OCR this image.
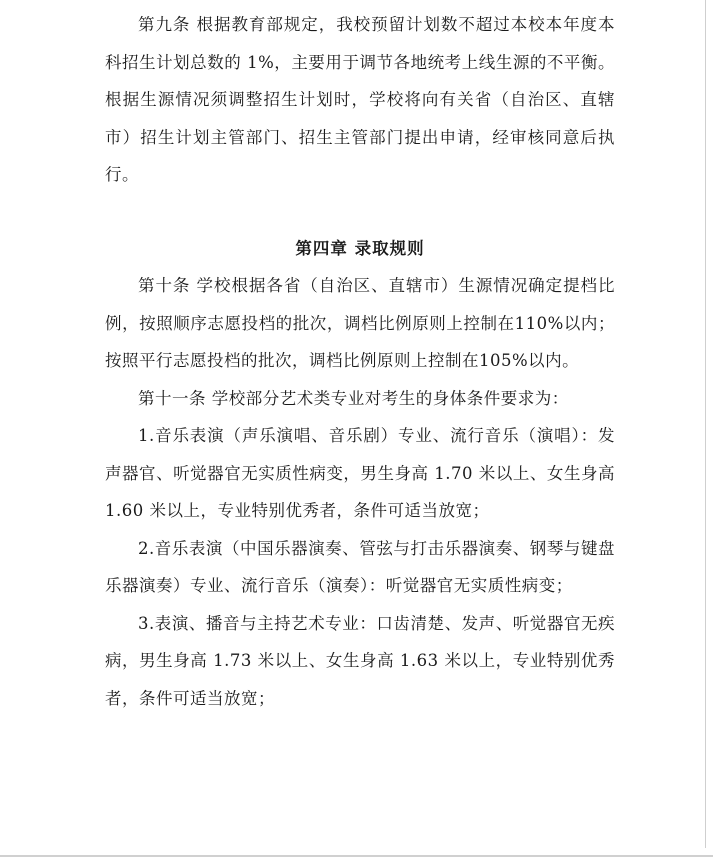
第九条 根据教育部规定，我校预留计划数不超过本校本年度本科招生计划总数的 1%，主要用于调节各地统考上线生源的不平衡。根据生源情况须调整招生计划时，学校将向有关省（自治区、直辖市）招生计划主管部门、招生主管部门提出申请，经审核同意后执行。

第四章 录取规则

第十条 学校根据各省（自治区、直辖市）生源情况确定提档比例，按照顺序志愿投档的批次，调档比例原则上控制在110%以内；按照平行志愿投档的批次，调档比例原则上控制在105%以内。

第十一条 学校部分艺术类专业对考生的身体条件要求为：

1.音乐表演（声乐演唱、音乐剧）专业、流行音乐（演唱）：发声器官、听觉器官无实质性病变，男生身高 1.70 米以上、女生身高 1.60 米以上，专业特别优秀者，条件可适当放宽；

2.音乐表演（中国乐器演奏、管弦与打击乐器演奏、钢琴与键盘乐器演奏）专业、流行音乐（演奏）：听觉器官无实质性病变；

3.表演、播音与主持艺术专业：口齿清楚、发声、听觉器官无疾病，男生身高 1.73 米以上、女生身高 1.63 米以上，专业特别优秀者，条件可适当放宽；
